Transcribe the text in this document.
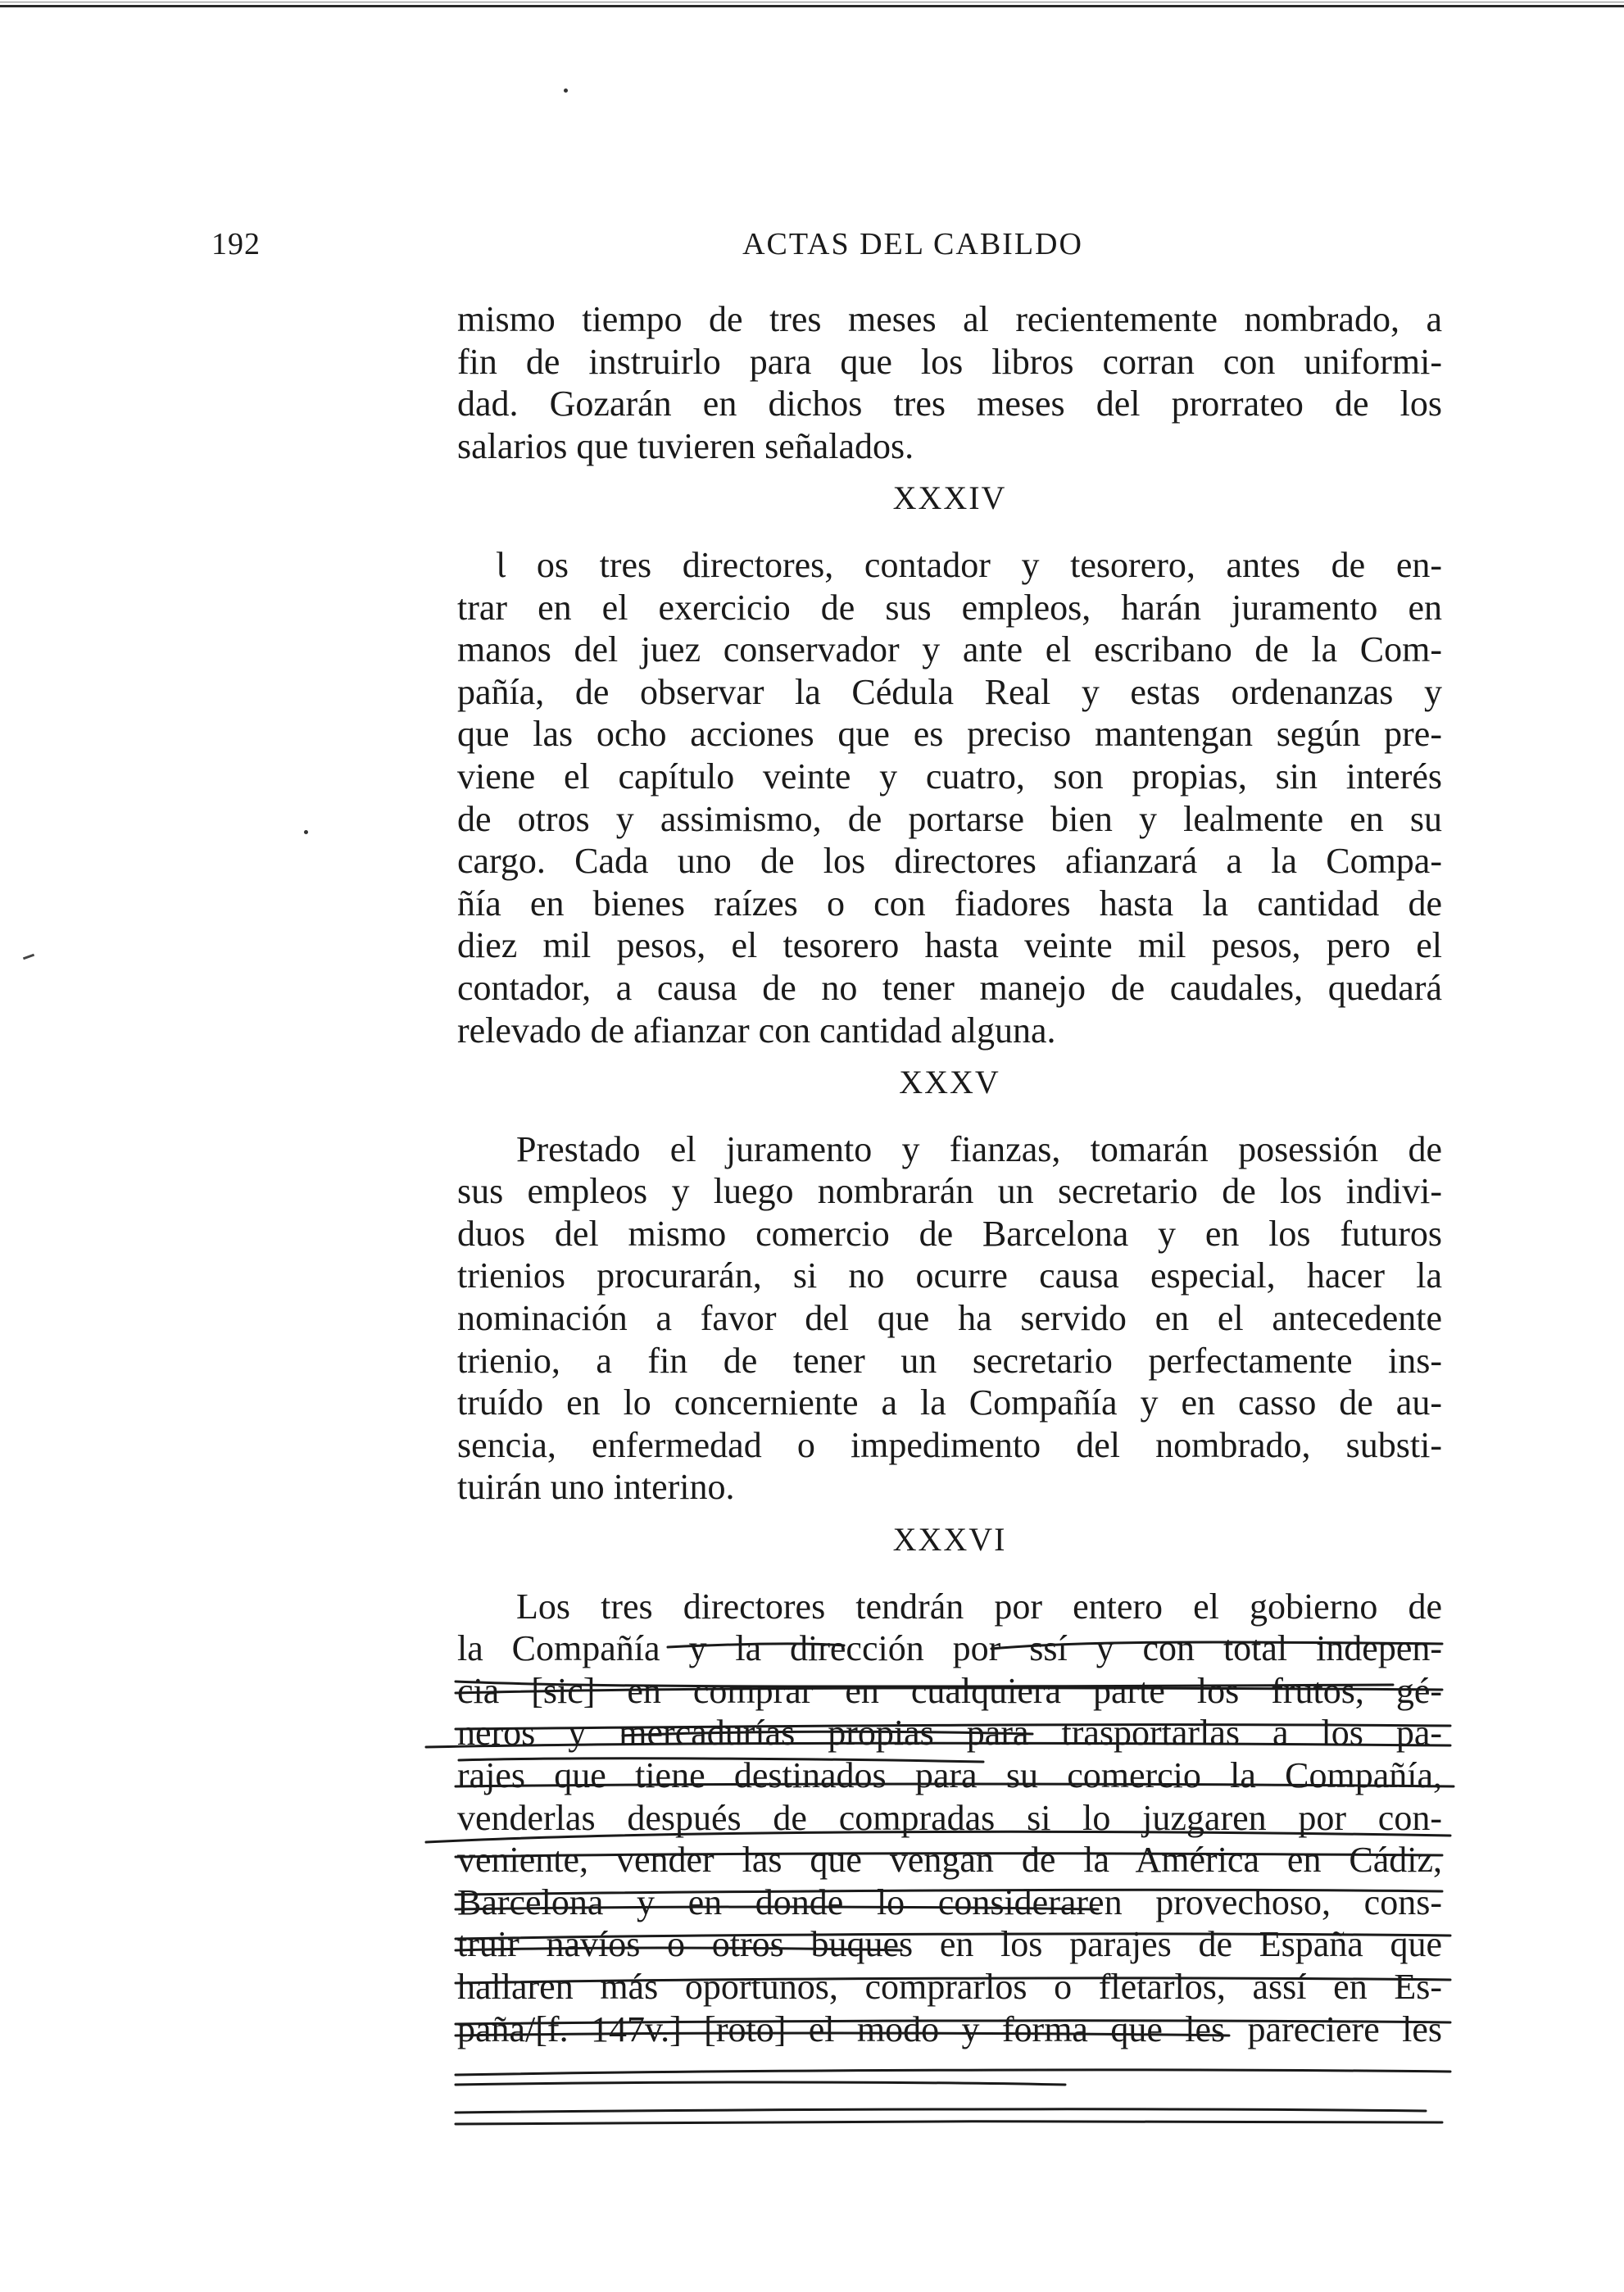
192	ACTAS DEL CABILDO
mismo tiempo de tres meses al recientemente nombrado, a
fin de instruirlo para que los libros corran con uniformi-
dad. Gozarán en dichos tres meses del prorrateo de los
salarios que tuvieren señalados.
XXXIV
Ɩ os tres directores, contador y tesorero, antes de en-
trar en el exercicio de sus empleos, harán juramento en
manos del juez conservador y ante el escribano de la Com-
pañía, de observar la Cédula Real y estas ordenanzas y
que las ocho acciones que es preciso mantengan según pre-
viene el capítulo veinte y cuatro, son propias, sin interés
de otros y assimismo, de portarse bien y lealmente en su
cargo. Cada uno de los directores afianzará a la Compa-
ñía en bienes raízes o con fiadores hasta la cantidad de
diez mil pesos, el tesorero hasta veinte mil pesos, pero el
contador, a causa de no tener manejo de caudales, quedará
relevado de afianzar con cantidad alguna.
XXXV
Prestado el juramento y fianzas, tomarán posessión de
sus empleos y luego nombrarán un secretario de los indivi-
duos del mismo comercio de Barcelona y en los futuros
trienios procurarán, si no ocurre causa especial, hacer la
nominación a favor del que ha servido en el antecedente
trienio, a fin de tener un secretario perfectamente ins-
truído en lo concerniente a la Compañía y en casso de au-
sencia, enfermedad o impedimento del nombrado, substi-
tuirán uno interino.
XXXVI
Los tres directores tendrán por entero el gobierno de
la Compañía y la dirección por ssí y con total indepen-
cia [sic] en comprar en cualquiera parte los frutos, gé-
neros y mercadurías propias para trasportarlas a los pa-
rajes que tiene destinados para su comercio la Compañía,
venderlas después de compradas si lo juzgaren por con-
veniente, vender las que vengan de la América en Cádiz,
Barcelona y en donde lo consideraren provechoso, cons-
truir navíos o otros buques en los parajes de España que
hallaren más oportunos, comprarlos o fletarlos, assí en Es-
paña/[f. 147v.] [roto] el modo y forma que les pareciere les
